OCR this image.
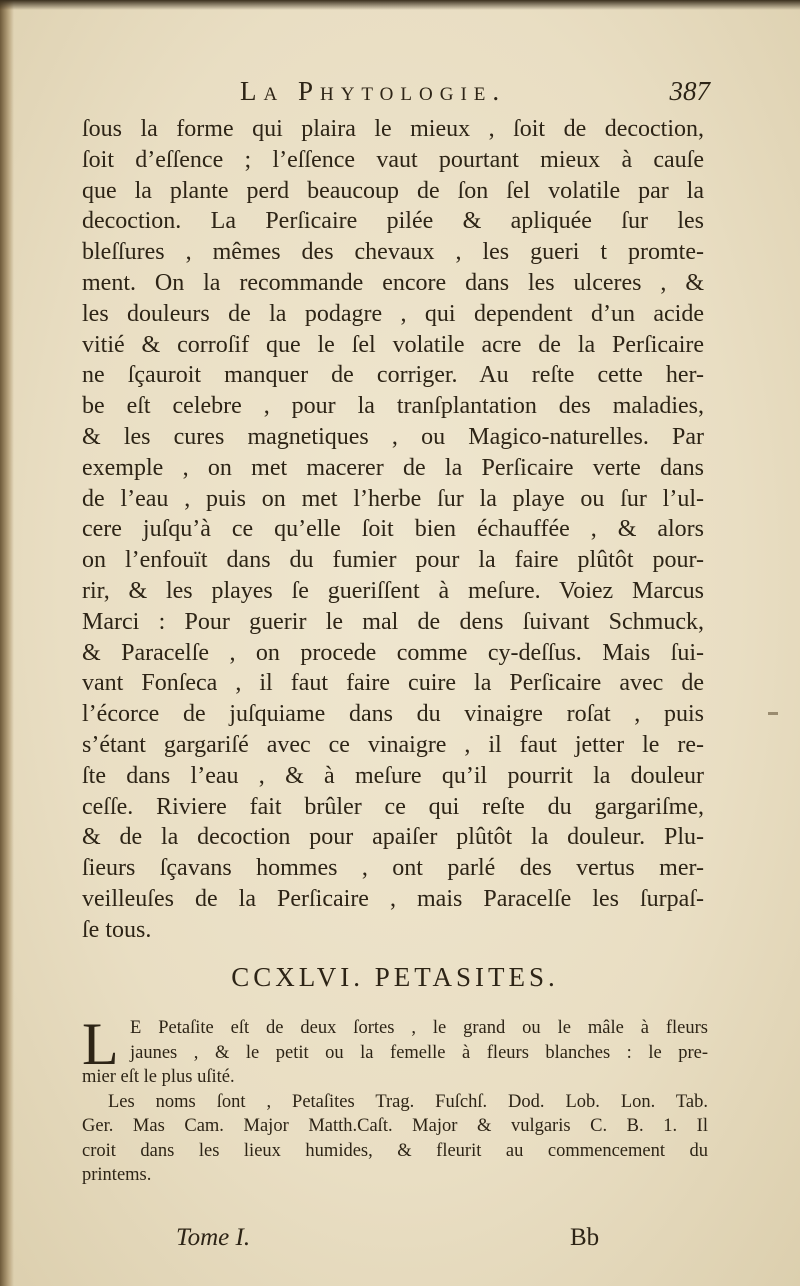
La Phytologie.	387
ſous la forme qui plaira le mieux , ſoit de decoction,
ſoit d’eſſence ; l’eſſence vaut pourtant mieux à cauſe
que la plante perd beaucoup de ſon ſel volatile par la
decoction. La Perſicaire pilée & apliquée ſur les
bleſſures , mêmes des chevaux , les gueri t promte-
ment. On la recommande encore dans les ulceres , &
les douleurs de la podagre , qui dependent d’un acide
vitié & corroſif que le ſel volatile acre de la Perſicaire
ne ſçauroit manquer de corriger. Au reſte cette her-
be eſt celebre , pour la tranſplantation des maladies,
& les cures magnetiques , ou Magico-naturelles. Par
exemple , on met macerer de la Perſicaire verte dans
de l’eau , puis on met l’herbe ſur la playe ou ſur l’ul-
cere juſqu’à ce qu’elle ſoit bien échauffée , & alors
on l’enfouït dans du fumier pour la faire plûtôt pour-
rir, & les playes ſe gueriſſent à meſure. Voiez Marcus
Marci : Pour guerir le mal de dens ſuivant Schmuck,
& Paracelſe , on procede comme cy-deſſus. Mais ſui-
vant Fonſeca , il faut faire cuire la Perſicaire avec de
l’écorce de juſquiame dans du vinaigre roſat , puis
s’étant gargariſé avec ce vinaigre , il faut jetter le re-
ſte dans l’eau , & à meſure qu’il pourrit la douleur
ceſſe. Riviere fait brûler ce qui reſte du gargariſme,
& de la decoction pour apaiſer plûtôt la douleur. Plu-
ſieurs ſçavans hommes , ont parlé des vertus mer-
veilleuſes de la Perſicaire , mais Paracelſe les ſurpaſ-
ſe tous.
CCXLVI. PETASITES.
L E Petaſite eſt de deux ſortes , le grand ou le mâle à fleurs
jaunes , & le petit ou la femelle à fleurs blanches : le pre-
mier eſt le plus uſité.
Les noms ſont , Petaſites Trag. Fuſchſ. Dod. Lob. Lon. Tab.
Ger. Mas Cam. Major Matth.Caſt. Major & vulgaris C. B. 1. Il
croit dans les lieux humides, & fleurit au commencement du
printems.
Tome I.	Bb
